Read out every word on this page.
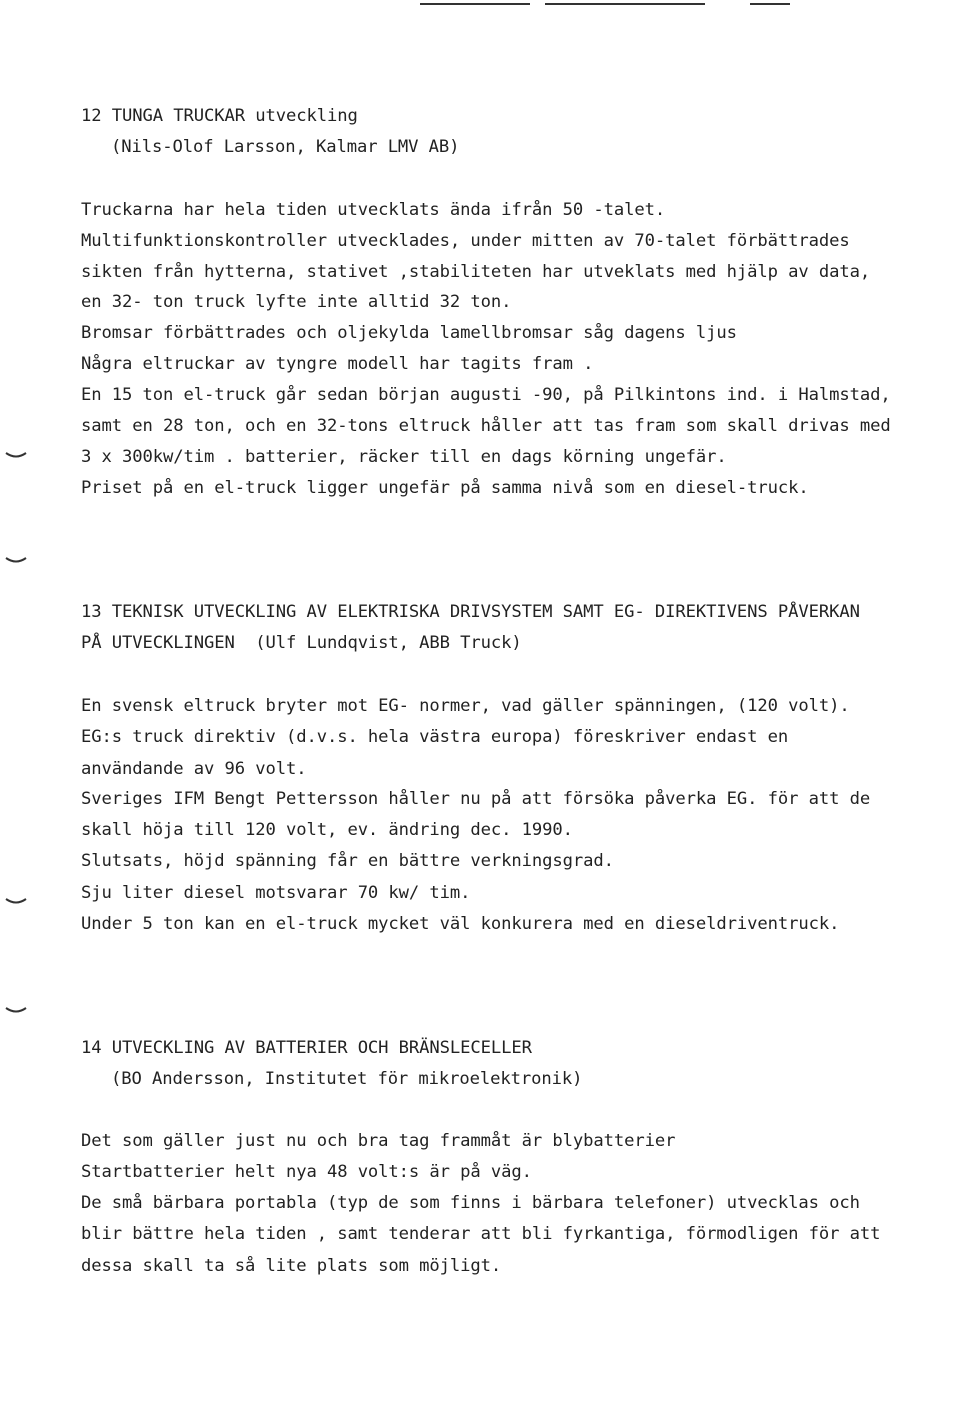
12 TUNGA TRUCKAR utveckling
(Nils-Olof Larsson, Kalmar LMV AB)
Truckarna har hela tiden utvecklats ända ifrån 50 -talet.
Multifunktionskontroller utvecklades, under mitten av 70-talet förbättrades
sikten från hytterna, stativet ,stabiliteten har utveklats med hjälp av data,
en 32- ton truck lyfte inte alltid 32 ton.
Bromsar förbättrades och oljekylda lamellbromsar såg dagens ljus
Några eltruckar av tyngre modell har tagits fram .
En 15 ton el-truck går sedan början augusti -90, på Pilkintons ind. i Halmstad,
samt en 28 ton, och en 32-tons eltruck håller att tas fram som skall drivas med
3 x 300kw/tim . batterier, räcker till en dags körning ungefär.
Priset på en el-truck ligger ungefär på samma nivå som en diesel-truck.
13 TEKNISK UTVECKLING AV ELEKTRISKA DRIVSYSTEM SAMT EG- DIREKTIVENS PÅVERKAN
PÅ UTVECKLINGEN  (Ulf Lundqvist, ABB Truck)
En svensk eltruck bryter mot EG- normer, vad gäller spänningen, (120 volt).
EG:s truck direktiv (d.v.s. hela västra europa) föreskriver endast en
användande av 96 volt.
Sveriges IFM Bengt Pettersson håller nu på att försöka påverka EG. för att de
skall höja till 120 volt, ev. ändring dec. 1990.
Slutsats, höjd spänning får en bättre verkningsgrad.
Sju liter diesel motsvarar 70 kw/ tim.
Under 5 ton kan en el-truck mycket väl konkurera med en dieseldriventruck.
14 UTVECKLING AV BATTERIER OCH BRÄNSLECELLER
(BO Andersson, Institutet för mikroelektronik)
Det som gäller just nu och bra tag frammåt är blybatterier
Startbatterier helt nya 48 volt:s är på väg.
De små bärbara portabla (typ de som finns i bärbara telefoner) utvecklas och
blir bättre hela tiden , samt tenderar att bli fyrkantiga, förmodligen för att
dessa skall ta så lite plats som möjligt.
